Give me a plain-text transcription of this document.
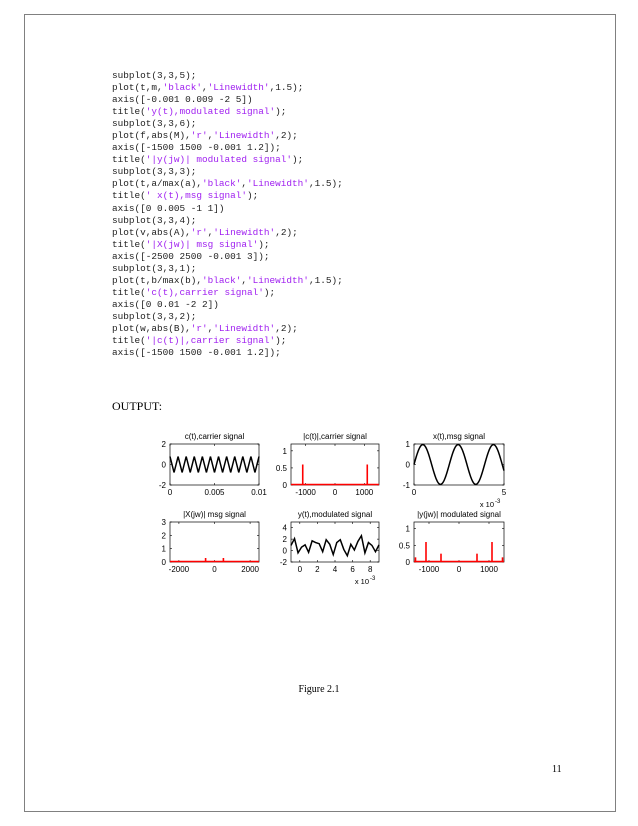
subplot(3,3,5);
plot(t,m,'black','Linewidth',1.5);
axis([-0.001 0.009 -2 5])
title('y(t),modulated signal');
subplot(3,3,6);
plot(f,abs(M),'r','Linewidth',2);
axis([-1500 1500 -0.001 1.2]);
title('|y(jw)| modulated signal');
subplot(3,3,3);
plot(t,a/max(a),'black','Linewidth',1.5);
title(' x(t),msg signal');
axis([0 0.005 -1 1])
subplot(3,3,4);
plot(v,abs(A),'r','Linewidth',2);
title('|X(jw)| msg signal');
axis([-2500 2500 -0.001 3]);
subplot(3,3,1);
plot(t,b/max(b),'black','Linewidth',1.5);
title('c(t),carrier signal');
axis([0 0.01 -2 2])
subplot(3,3,2);
plot(w,abs(B),'r','Linewidth',2);
title('|c(t)|,carrier signal');
axis([-1500 1500 -0.001 1.2]);

OUTPUT:
c(t),carrier signal
0	0.005	0.01
-2
0
2
|c(t)|,carrier signal
-1000 0 1000
0
0.5
1
x(t),msg signal
0	5
-1
0
1
x 10 -3
|X(jw)| msg signal
-2000	0	2000
0
1
2
3
y(t),modulated signal
0 2 4 6 8
-2
0
2
4
x 10 -3
|y(jw)| modulated signal
-1000 0 1000
0
0.5
1
Figure 2.1
11
